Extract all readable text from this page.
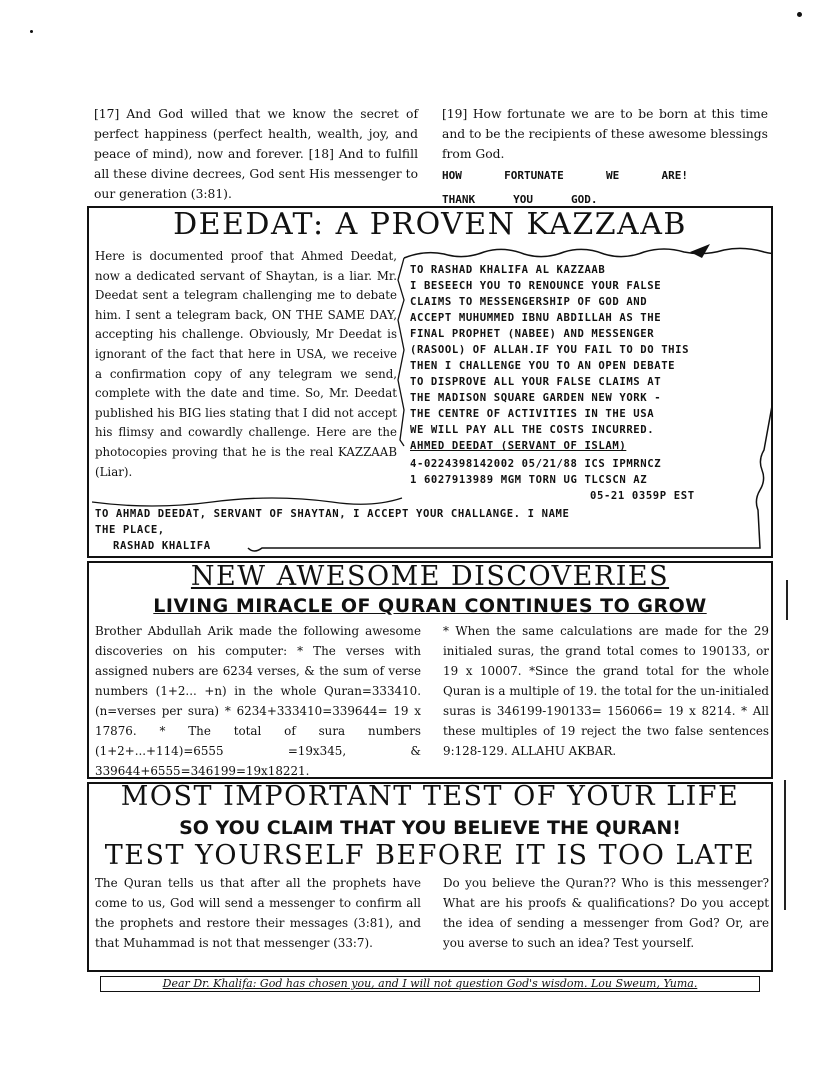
[17] And God willed that we know the secret of perfect happiness (perfect health, wealth, joy, and peace of mind), now and forever. [18] And to fulfill all these divine decrees, God sent His messenger to our generation (3:81).
[19] How fortunate we are to be born at this time and to be the recipients of these awesome blessings from God.
HOW	FORTUNATE	WE	ARE!
THANK	YOU	GOD.
DEEDAT: A PROVEN KAZZAAB
Here is documented proof that Ahmed Deedat, now a dedicated servant of Shaytan, is a liar. Mr. Deedat sent a telegram challenging me to debate him. I sent a telegram back, ON THE SAME DAY, accepting his challenge. Obviously, Mr Deedat is ignorant of the fact that here in USA, we receive a confirmation copy of any telegram we send, complete with the date and time. So, Mr. Deedat published his BIG lies stating that I did not accept his flimsy and cowardly challenge. Here are the photocopies proving that he is the real KAZZAAB (Liar).
TO RASHAD KHALIFA AL KAZZAAB
I BESEECH YOU TO RENOUNCE YOUR FALSE
CLAIMS TO MESSENGERSHIP OF GOD AND
ACCEPT MUHUMMED IBNU ABDILLAH AS THE
FINAL PROPHET (NABEE) AND MESSENGER
(RASOOL) OF ALLAH.IF YOU FAIL TO DO THIS
THEN I CHALLENGE YOU TO AN OPEN DEBATE
TO DISPROVE ALL YOUR FALSE CLAIMS AT
THE MADISON SQUARE GARDEN NEW YORK -
THE CENTRE OF ACTIVITIES IN THE USA
WE WILL PAY ALL THE COSTS INCURRED.
AHMED DEEDAT (SERVANT OF ISLAM)
4-0224398142002 05/21/88 ICS IPMRNCZ
1 6027913989 MGM TORN UG TLCSCN AZ
05-21 0359P EST
TO AHMAD DEEDAT, SERVANT OF SHAYTAN, I ACCEPT YOUR CHALLANGE. I NAME
THE PLACE,
RASHAD KHALIFA
NEW AWESOME DISCOVERIES
LIVING MIRACLE OF QURAN CONTINUES TO GROW
Brother Abdullah Arik made the following awesome discoveries on his computer: * The verses with assigned nubers are 6234 verses, & the sum of verse numbers (1+2... +n) in the whole Quran=333410. (n=verses per sura) * 6234+333410=339644= 19 x 17876. * The total of sura numbers (1+2+...+114)=6555 =19x345, & 339644+6555=346199=19x18221.
* When the same calculations are made for the 29 initialed suras, the grand total comes to 190133, or 19 x 10007. *Since the grand total for the whole Quran is a multiple of 19. the total for the un-initialed suras is 346199-190133= 156066= 19 x 8214. * All these multiples of 19 reject the two false sentences 9:128-129. ALLAHU AKBAR.
MOST IMPORTANT TEST OF YOUR LIFE
SO YOU CLAIM THAT YOU BELIEVE THE QURAN!
TEST YOURSELF BEFORE IT IS TOO LATE
The Quran tells us that after all the prophets have come to us, God will send a messenger to confirm all the prophets and restore their messages (3:81), and that Muhammad is not that messenger (33:7).
Do you believe the Quran?? Who is this messenger? What are his proofs & qualifications? Do you accept the idea of sending a messenger from God? Or, are you averse to such an idea? Test yourself.
Dear Dr. Khalifa: God has chosen you, and I will not question God's wisdom. Lou Sweum, Yuma.
